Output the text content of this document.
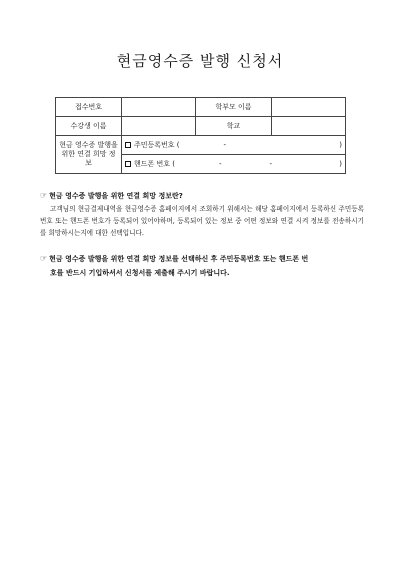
현금영수증 발행 신청서
접수번호		학부모 이름	
수강생 이름		학교	
현금 영수증 발행을 위한 연결 희망 정보	주민등록번호 ( - )		

	핸드폰 번호 ( - - )		
☞ 현금 영수증 발행을 위한 연결 희망 정보란?
고객님의 현금결제내역을 현금영수증 홈페이지에서 조회하기 위해서는 해당 홈페이지에서 등록하신 주민등록번호 또는 핸드폰 번호가 등록되어 있어야하며, 등록되어 있는 정보 중 어떤 정보와 연결 시켜 정보를 전송하시기를 희망하시는지에 대한 선택입니다.
☞ 현금 영수증 발행을 위한 연결 희망 정보를 선택하신 후 주민등록번호 또는 핸드폰 번
호를 반드시 기입하셔서 신청서를 제출해 주시기 바랍니다.
